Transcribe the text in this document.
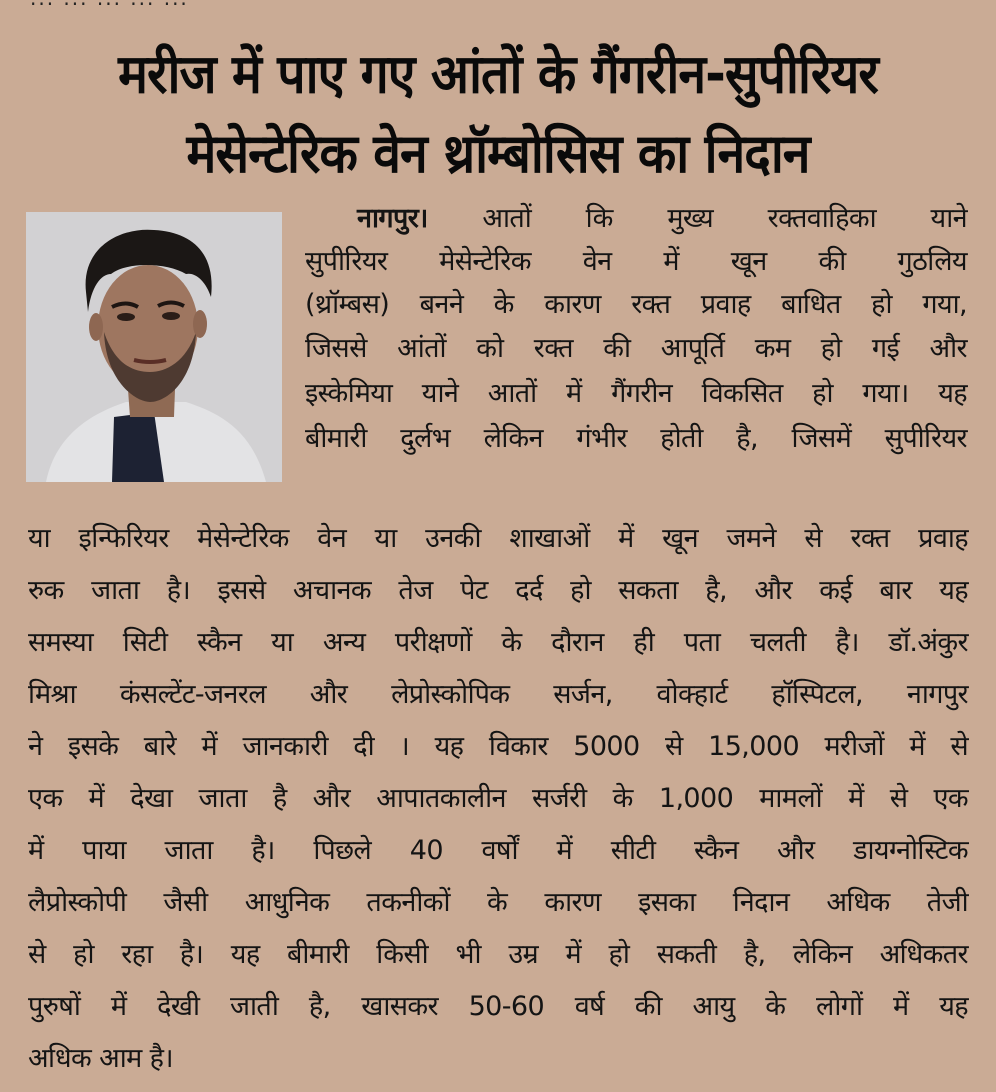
मरीज में पाए गए आंतों के गैंगरीन-सुपीरियर
मेसेन्टेरिक वेन थ्रॉम्बोसिस का निदान
नागपुर। आतों कि मुख्य रक्तवाहिका याने
सुपीरियर मेसेन्टेरिक वेन में खून की गुठलिय
(थ्रॉम्बस) बनने के कारण रक्त प्रवाह बाधित हो गया,
जिससे आंतों को रक्त की आपूर्ति कम हो गई और
इस्केमिया याने आतों में गैंगरीन विकसित हो गया। यह
बीमारी दुर्लभ लेकिन गंभीर होती है, जिसमें सुपीरियर
या इन्फिरियर मेसेन्टेरिक वेन या उनकी शाखाओं में खून जमने से रक्त प्रवाह
रुक जाता है। इससे अचानक तेज पेट दर्द हो सकता है, और कई बार यह
समस्या सिटी स्कैन या अन्य परीक्षणों के दौरान ही पता चलती है। डॉ.अंकुर
मिश्रा कंसल्टेंट-जनरल और लेप्रोस्कोपिक सर्जन, वोक्हार्ट हॉस्पिटल, नागपुर
ने इसके बारे में जानकारी दी । यह विकार 5000 से 15,000 मरीजों में से
एक में देखा जाता है और आपातकालीन सर्जरी के 1,000 मामलों में से एक
में पाया जाता है। पिछले 40 वर्षों में सीटी स्कैन और डायग्नोस्टिक
लैप्रोस्कोपी जैसी आधुनिक तकनीकों के कारण इसका निदान अधिक तेजी
से हो रहा है। यह बीमारी किसी भी उम्र में हो सकती है, लेकिन अधिकतर
पुरुषों में देखी जाती है, खासकर 50-60 वर्ष की आयु के लोगों में यह
अधिक आम है।
